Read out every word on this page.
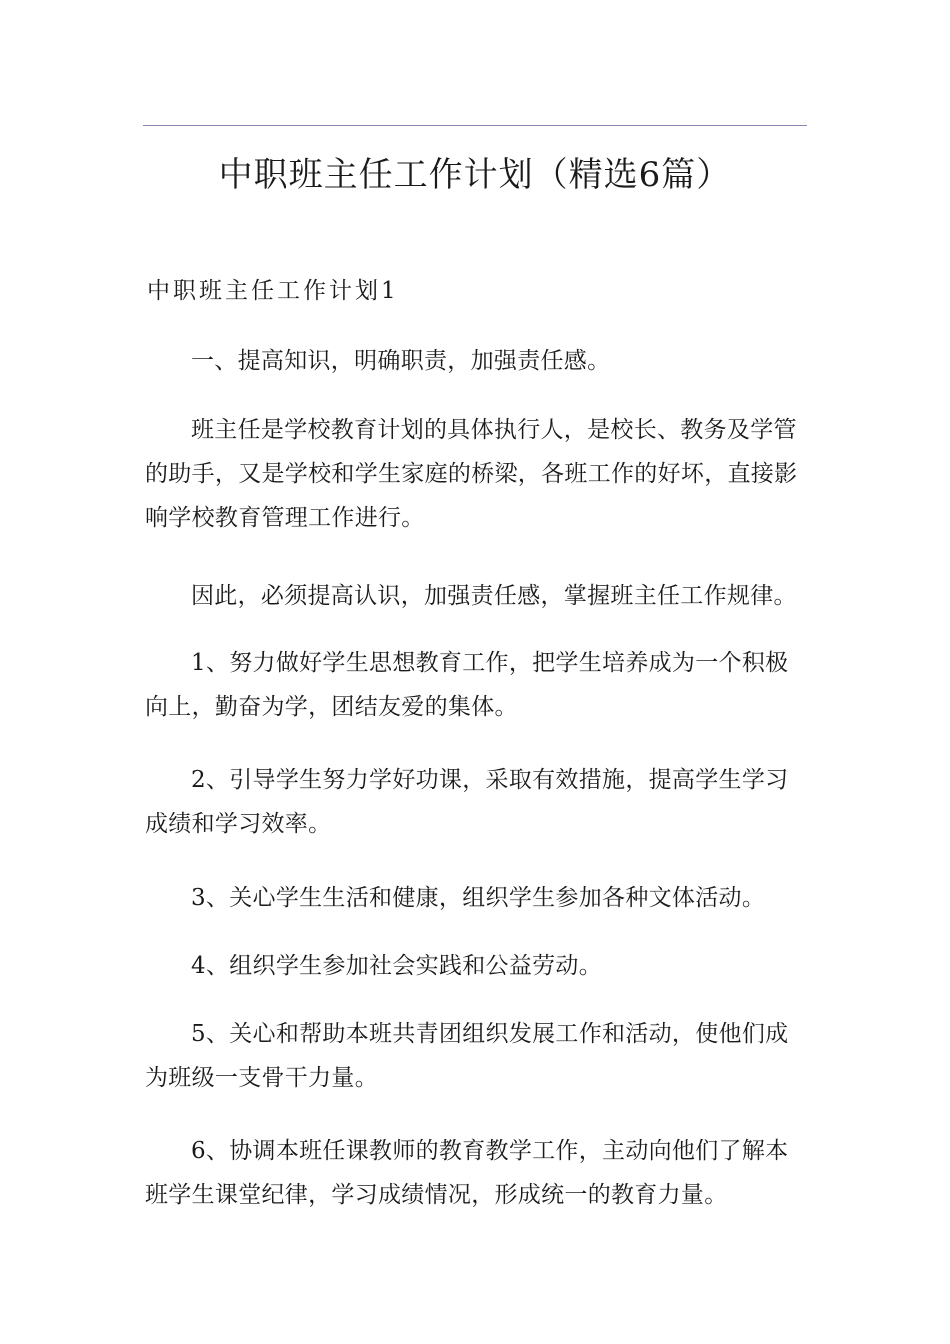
中职班主任工作计划（精选6篇）
中职班主任工作计划1

一、提高知识，明确职责，加强责任感。

班主任是学校教育计划的具体执行人，是校长、教务及学管的助手，又是学校和学生家庭的桥梁，各班工作的好坏，直接影响学校教育管理工作进行。

因此，必须提高认识，加强责任感，掌握班主任工作规律。

1、努力做好学生思想教育工作，把学生培养成为一个积极向上，勤奋为学，团结友爱的集体。

2、引导学生努力学好功课，采取有效措施，提高学生学习成绩和学习效率。

3、关心学生生活和健康，组织学生参加各种文体活动。

4、组织学生参加社会实践和公益劳动。

5、关心和帮助本班共青团组织发展工作和活动，使他们成为班级一支骨干力量。

6、协调本班任课教师的教育教学工作，主动向他们了解本班学生课堂纪律，学习成绩情况，形成统一的教育力量。
